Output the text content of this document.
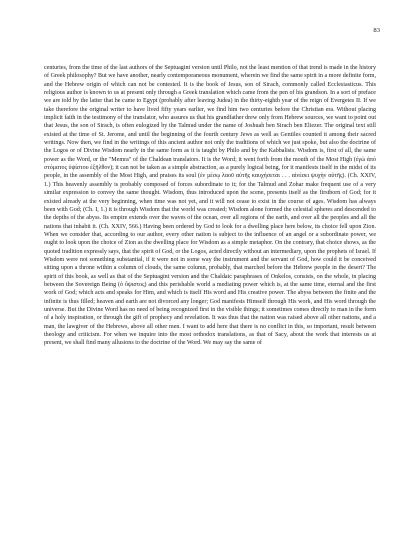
83

centuries, from the time of the last authors of the Septuagint version until Philo, not the least mention of that trend is made in the history of Greek philosophy? But we have another, nearly contemporaneous monument, wherein we find the same spirit in a more definite form, and the Hebrew origin of which can not be contested. It is the book of Jesus, son of Sirach, commonly called Ecclesiasticus. This religious author is known to us at present only through a Greek translation which came from the pen of his grandson. In a sort of preface we are told by the latter that he came to Egypt (probably after leaving Judea) in the thirty-eighth year of the reign of Evergetes II. If we take therefore the original writer to have lived fifty years earlier, we find him two centuries before the Christian era. Without placing implicit faith in the testimony of the translator, who assures us that his grandfather drew only from Hebrew sources, we want to point out that Jesus, the son of Sirach, is often eulogized by the Talmud under the name of Joshuah ben Sirach ben Eliezer. The original text still existed at the time of St. Jerome, and until the beginning of the fourth century Jews as well as Gentiles counted it among their sacred writings. Now then, we find in the writings of this ancient author not only the traditions of which we just spoke, but also the doctrine of the Logos or of Divine Wisdom nearly in the same form as it is taught by Philo and by the Kabbalists. Wisdom is, first of all, the same power as the Word, or the "Memra" of the Chaldean translators. It is the Word; it went forth from the mouth of the Most High (ἐγὼ ἀπὸ στόματος ὑψίστου ἐξῆλθον); it can not be taken as a simple abstraction, as a purely logical being, for it manifests itself in the midst of its people, in the assembly of the Most High, and praises its soul (ἐν μέσῳ λαοῦ αὐτῆς καυχήσεται . . . αἰνέσει ψυχὴν αὐτῆς). (Ch. XXIV, 1.) This heavenly assembly is probably composed of forces subordinate to it; for the Talmud and Zohar make frequent use of a very similar expression to convey the same thought. Wisdom, thus introduced upon the scene, presents itself as the firstborn of God; for it existed already at the very beginning, when time was not yet, and it will not cease to exist in the course of ages. Wisdom has always been with God; (Ch. I, 1.) it is through Wisdom that the world was created; Wisdom alone formed the celestial spheres and descended to the depths of the abyss. Its empire extends over the waves of the ocean, over all regions of the earth, and over all the peoples and all the nations that inhabit it. (Ch. XXIV, 566.) Having been ordered by God to look for a dwelling place here below, its choice fell upon Zion. When we consider that, according to our author, every other nation is subject to the influence of an angel or a subordinate power, we ought to look upon the choice of Zion as the dwelling place for Wisdom as a simple metaphor. On the contrary, that choice shows, as the quoted tradition expressly says, that the spirit of God, or the Logos, acted directly without an intermediary, upon the prophets of Israel. If Wisdom were not something substantial, if it were not in some way the instrument and the servant of God, how could it be conceived sitting upon a throne within a column of clouds, the same column, probably, that marched before the Hebrew people in the desert? The spirit of this book, as well as that of the Septuagint version and the Chaldaic paraphrases of Onkelos, consists, on the whole, in placing between the Sovereign Being (ὁ ὕψιστος) and this perishable world a mediating power which is, at the same time, eternal and the first work of God; which acts and speaks for Him, and which is itself His word and His creative power. The abyss between the finite and the infinite is thus filled; heaven and earth are not divorced any longer; God manifests Himself through His work, and His word through the universe. But the Divine Word has no need of being recognized first in the visible things; it sometimes comes directly to man in the form of a holy inspiration, or through the gift of prophecy and revelation. It was thus that the nation was raised above all other nations, and a man, the lawgiver of the Hebrews, above all other men. I want to add here that there is no conflict in this, so important, result between theology and criticism. For when we inquire into the most orthodox translations, as that of Sacy, about the work that interests us at present, we shall find many allusions to the doctrine of the Word. We may say the same of
